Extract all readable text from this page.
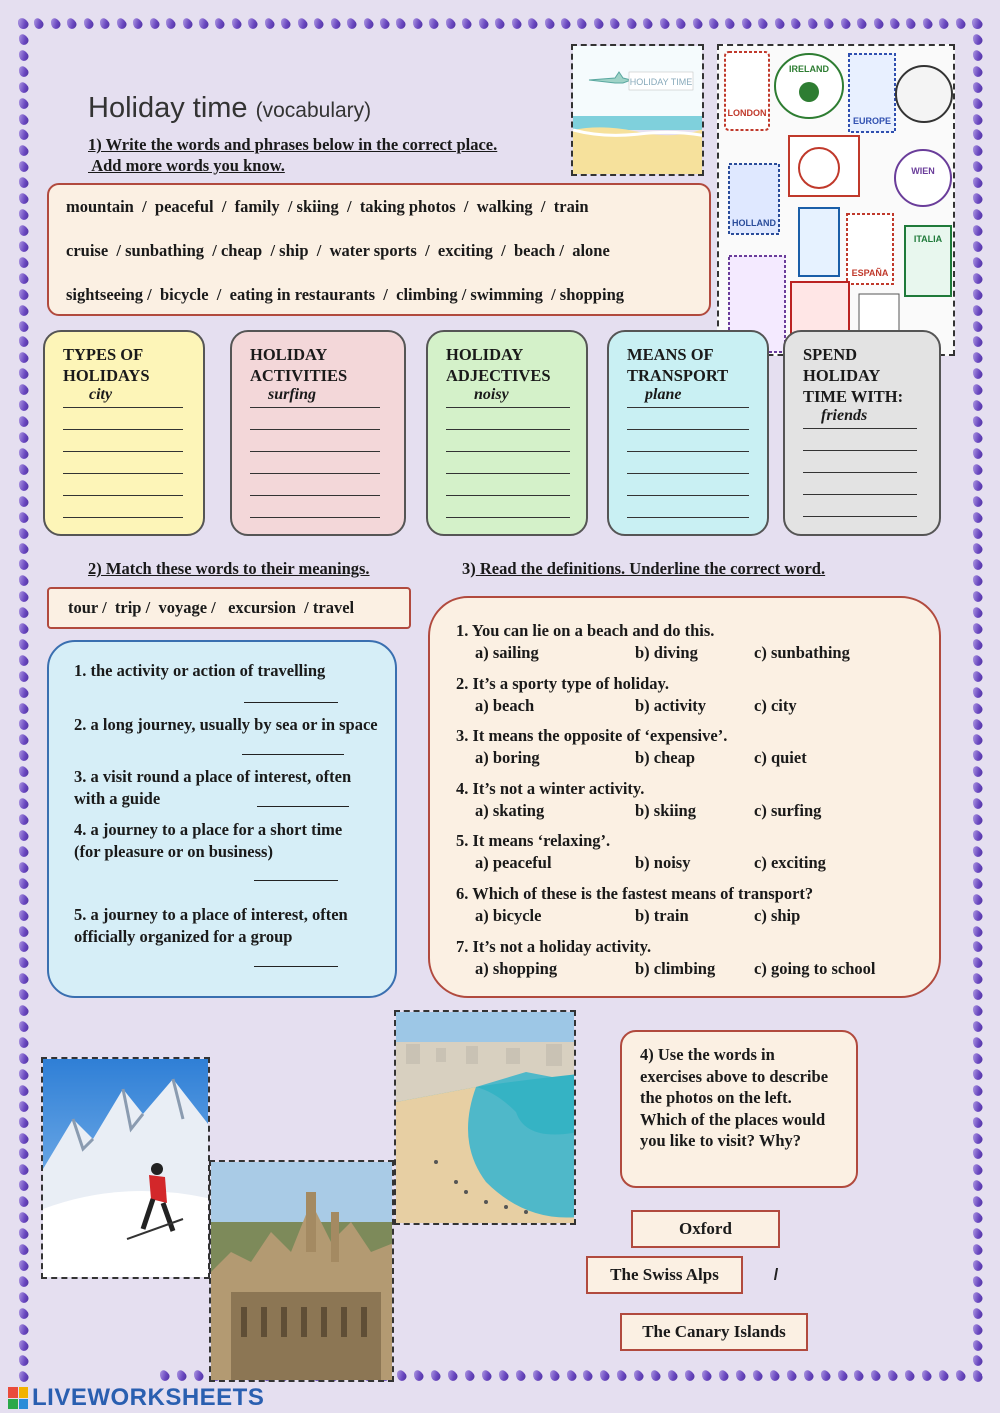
Holiday time (vocabulary)
1) Write the words and phrases below in the correct place.
Add more words you know.
HOLIDAY TIME
LONDON
IRELAND
EUROPE
HOLLAND
WIEN
ESPAÑA
ITALIA

mountain  /  peaceful  /  family  / skiing  /  taking photos  /  walking  /  train

cruise  / sunbathing  / cheap  / ship  /  water sports  /  exciting  /  beach /  alone

sightseeing /  bicycle  /  eating in restaurants  /  climbing / swimming  / shopping

TYPES OF
HOLIDAYS
city
HOLIDAY
ACTIVITIES
surfing
HOLIDAY
ADJECTIVES
noisy
MEANS OF
TRANSPORT
plane
SPEND
HOLIDAY
TIME WITH:
friends
2) Match these words to their meanings.
tour /  trip /  voyage /   excursion  / travel

1. the activity or action of travelling

2. a long journey, usually by sea or in space

3. a visit round a place of interest, often with a guide

4. a journey to a place for a short time (for pleasure or on business)

5. a journey to a place of interest, often officially organized for a group

3) Read the definitions. Underline the correct word.
1. You can lie on a beach and do this.
a) sailing	b) diving	c) sunbathing
2. It’s a sporty type of holiday.
a) beach	b) activity	c) city
3. It means the opposite of ‘expensive’.
a) boring	b) cheap	c) quiet
4. It’s not a winter activity.
a) skating	b) skiing	c) surfing
5. It means ‘relaxing’.
a) peaceful	b) noisy	c) exciting
6. Which of these is the fastest means of transport?
a) bicycle	b) train	c) ship
7. It’s not a holiday activity.
a) shopping	b) climbing	c) going to school

4) Use the words in exercises above to describe the photos on the left. Which of the places would you like to visit? Why?

Oxford
The Swiss Alps
The Canary Islands
LIVEWORKSHEETS
